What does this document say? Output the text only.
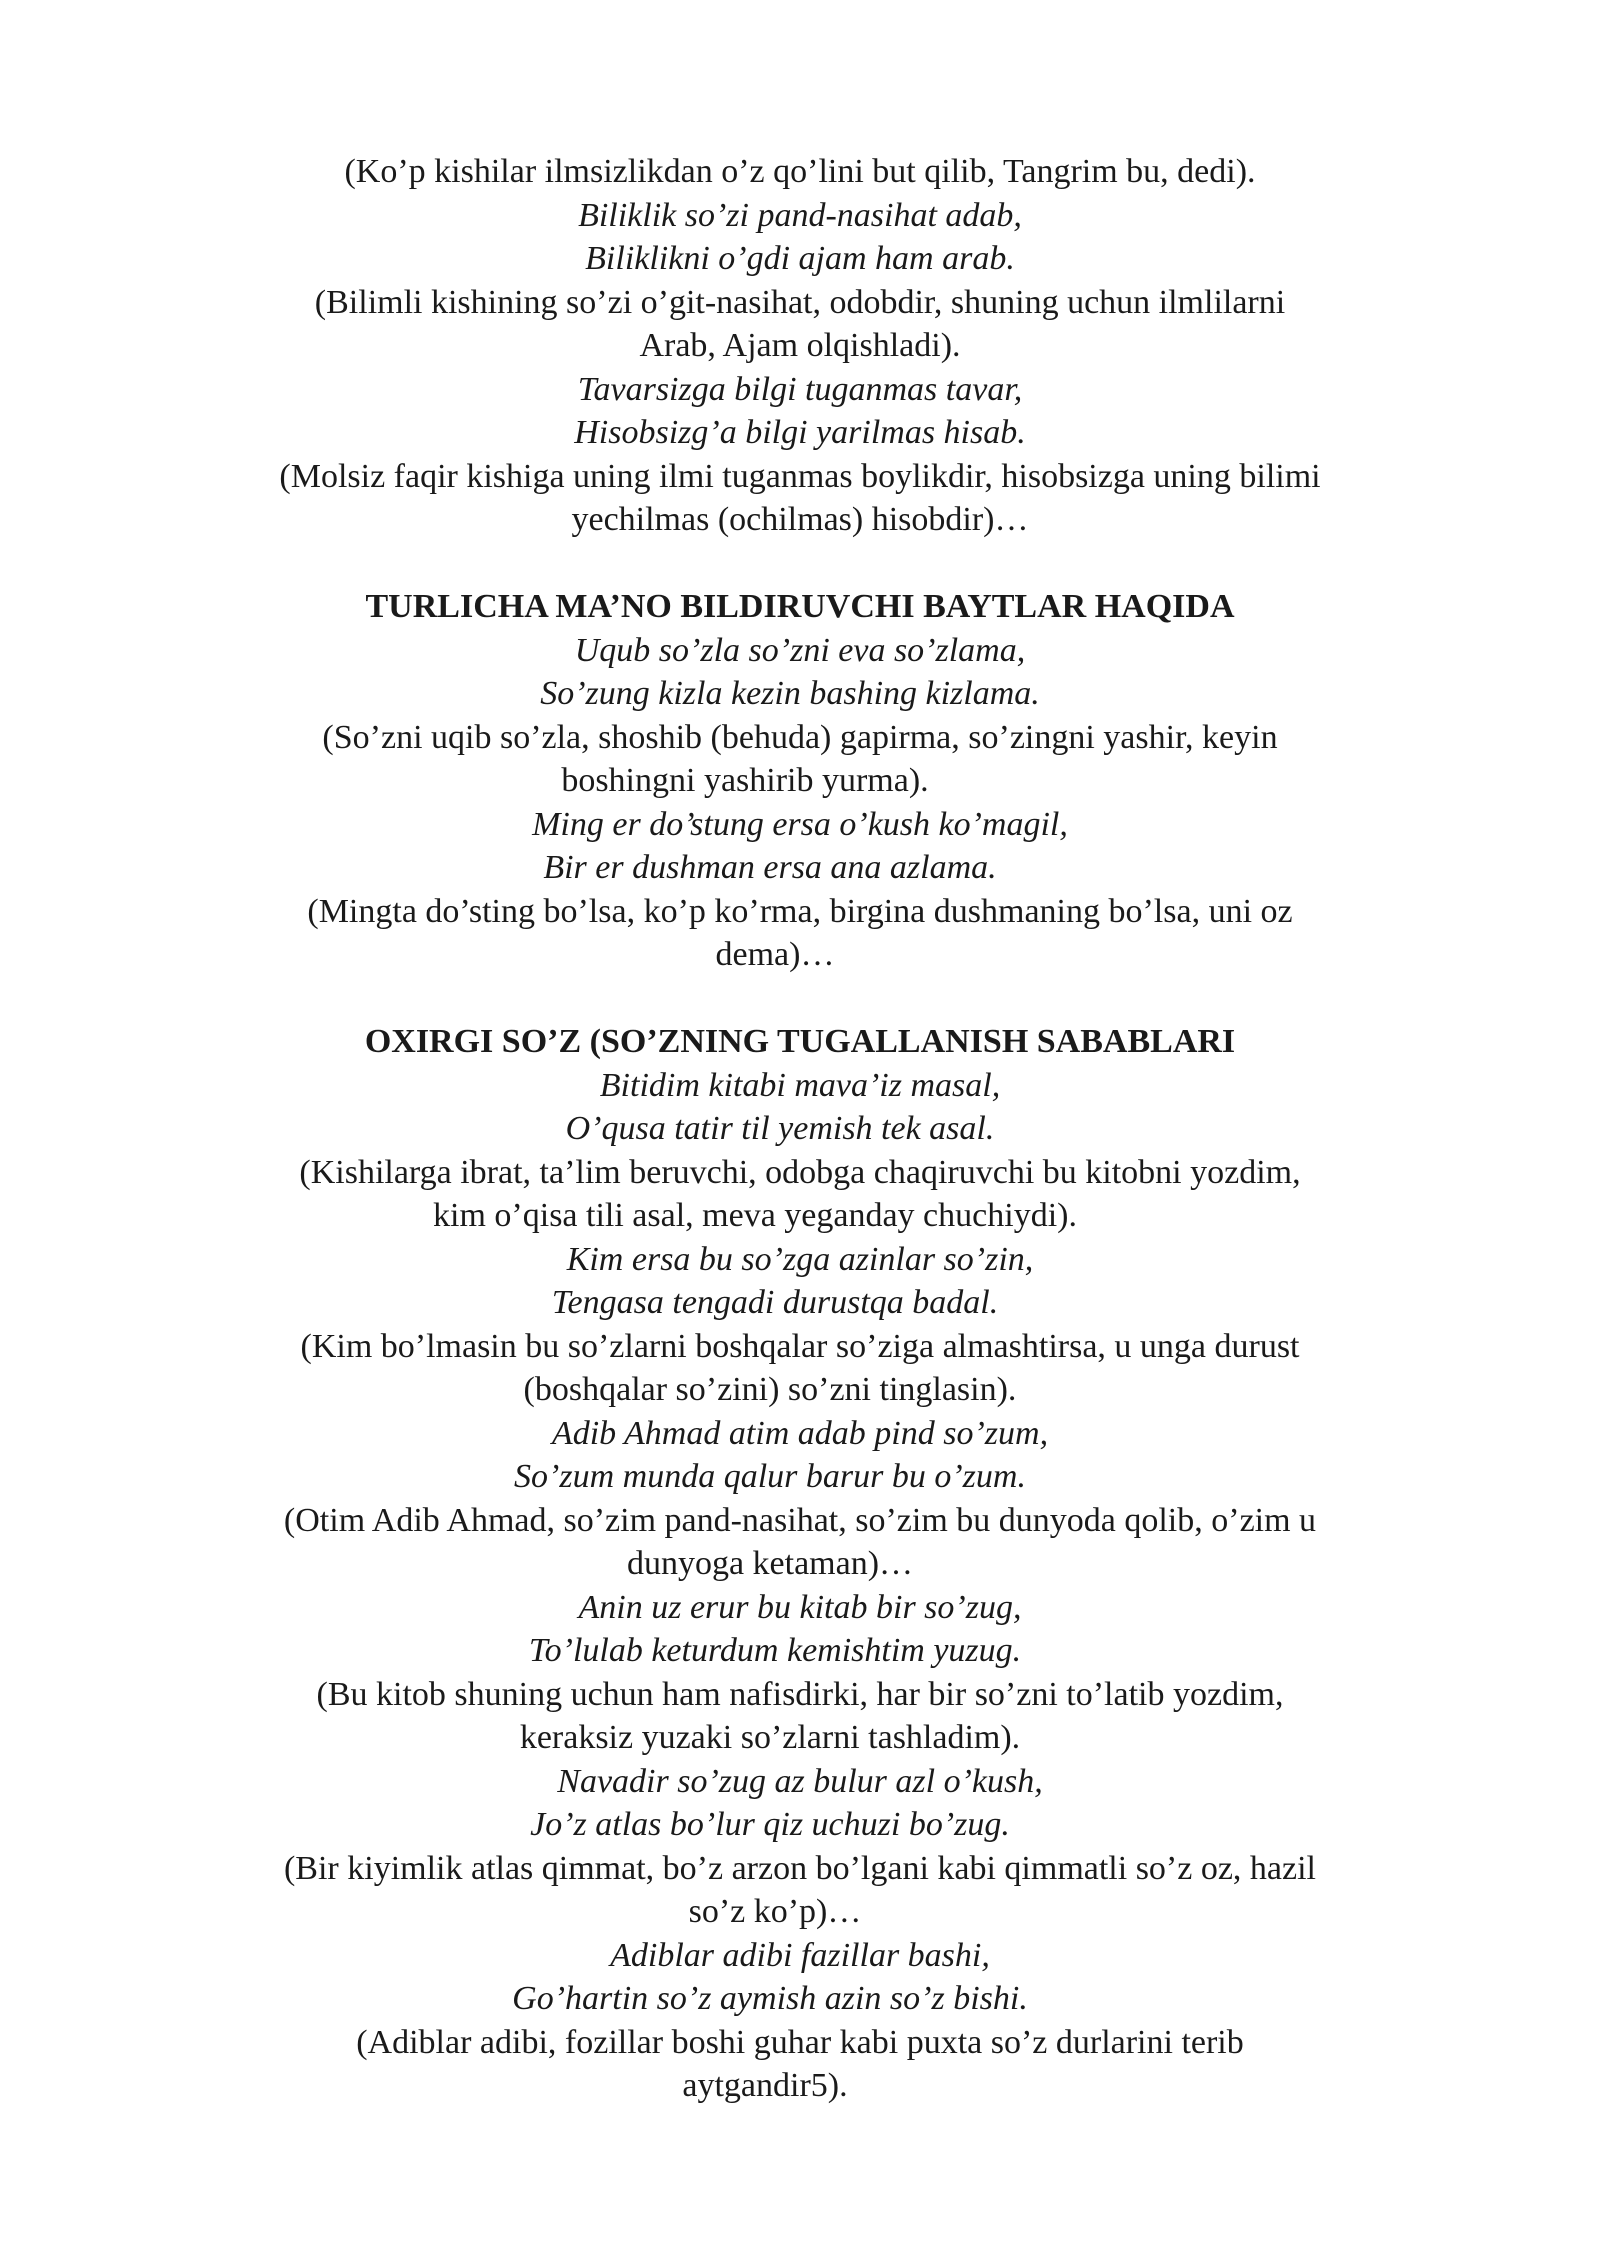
(Ko’p kishilar ilmsizlikdan o’z qo’lini but qilib, Tangrim bu, dedi).
Biliklik so’zi pand-nasihat adab,
Biliklikni o’gdi ajam ham arab.
(Bilimli kishining so’zi o’git-nasihat, odobdir, shuning uchun ilmlilarni
Arab, Ajam olqishladi).
Tavarsizga bilgi tuganmas tavar,
Hisobsizg’a bilgi yarilmas hisab.
(Molsiz faqir kishiga uning ilmi tuganmas boylikdir, hisobsizga uning bilimi
yechilmas (ochilmas) hisobdir)…
TURLICHA MA’NO BILDIRUVCHI BAYTLAR HAQIDA
Uqub so’zla so’zni eva so’zlama,
So’zung kizla kezin bashing kizlama.
(So’zni uqib so’zla, shoshib (behuda) gapirma, so’zingni yashir, keyin
boshingni yashirib yurma).
Ming er do’stung ersa o’kush ko’magil,
Bir er dushman ersa ana azlama.
(Mingta do’sting bo’lsa, ko’p ko’rma, birgina dushmaning bo’lsa, uni oz
dema)…
OXIRGI SO’Z (SO’ZNING TUGALLANISH SABABLARI
Bitidim kitabi mava’iz masal,
O’qusa tatir til yemish tek asal.
(Kishilarga ibrat, ta’lim beruvchi, odobga chaqiruvchi bu kitobni yozdim,
kim o’qisa tili asal, meva yeganday chuchiydi).
Kim ersa bu so’zga azinlar so’zin,
Tengasa tengadi durustqa badal.
(Kim bo’lmasin bu so’zlarni boshqalar so’ziga almashtirsa, u unga durust
(boshqalar so’zini) so’zni tinglasin).
Adib Ahmad atim adab pind so’zum,
So’zum munda qalur barur bu o’zum.
(Otim Adib Ahmad, so’zim pand-nasihat, so’zim bu dunyoda qolib, o’zim u
dunyoga ketaman)…
Anin uz erur bu kitab bir so’zug,
To’lulab keturdum kemishtim yuzug.
(Bu kitob shuning uchun ham nafisdirki, har bir so’zni to’latib yozdim,
keraksiz yuzaki so’zlarni tashladim).
Navadir so’zug az bulur azl o’kush,
Jo’z atlas bo’lur qiz uchuzi bo’zug.
(Bir kiyimlik atlas qimmat, bo’z arzon bo’lgani kabi qimmatli so’z oz, hazil
so’z ko’p)…
Adiblar adibi fazillar bashi,
Go’hartin so’z aymish azin so’z bishi.
(Adiblar adibi, fozillar boshi guhar kabi puxta so’z durlarini terib
aytgandir5).
